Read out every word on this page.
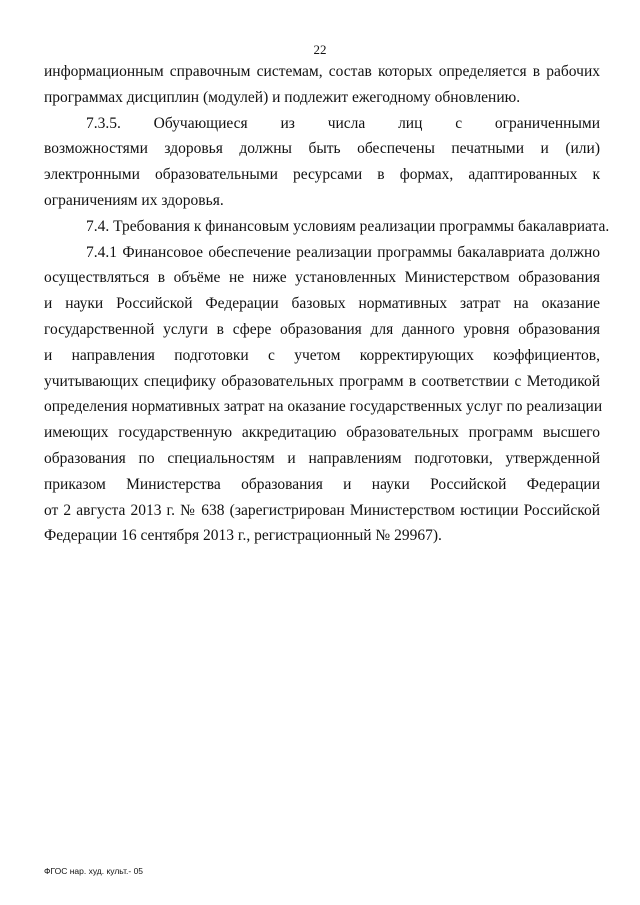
22
информационным справочным системам, состав которых определяется в рабочих
программах дисциплин (модулей) и подлежит ежегодному обновлению.
7.3.5. Обучающиеся из числа лиц с ограниченными
возможностями здоровья должны быть обеспечены печатными и (или)
электронными образовательными ресурсами в формах, адаптированных к
ограничениям их здоровья.
7.4. Требования к финансовым условиям реализации программы бакалавриата.
7.4.1 Финансовое обеспечение реализации программы бакалавриата должно
осуществляться в объёме не ниже установленных Министерством образования
и науки Российской Федерации базовых нормативных затрат на оказание
государственной услуги в сфере образования для данного уровня образования
и направления подготовки с учетом корректирующих коэффициентов,
учитывающих специфику образовательных программ в соответствии с Методикой
определения нормативных затрат на оказание государственных услуг по реализации
имеющих государственную аккредитацию образовательных программ высшего
образования по специальностям и направлениям подготовки, утвержденной
приказом Министерства образования и науки Российской Федерации
от 2 августа 2013 г. № 638 (зарегистрирован Министерством юстиции Российской
Федерации 16 сентября 2013 г., регистрационный № 29967).
ФГОС нар. худ. культ.- 05
